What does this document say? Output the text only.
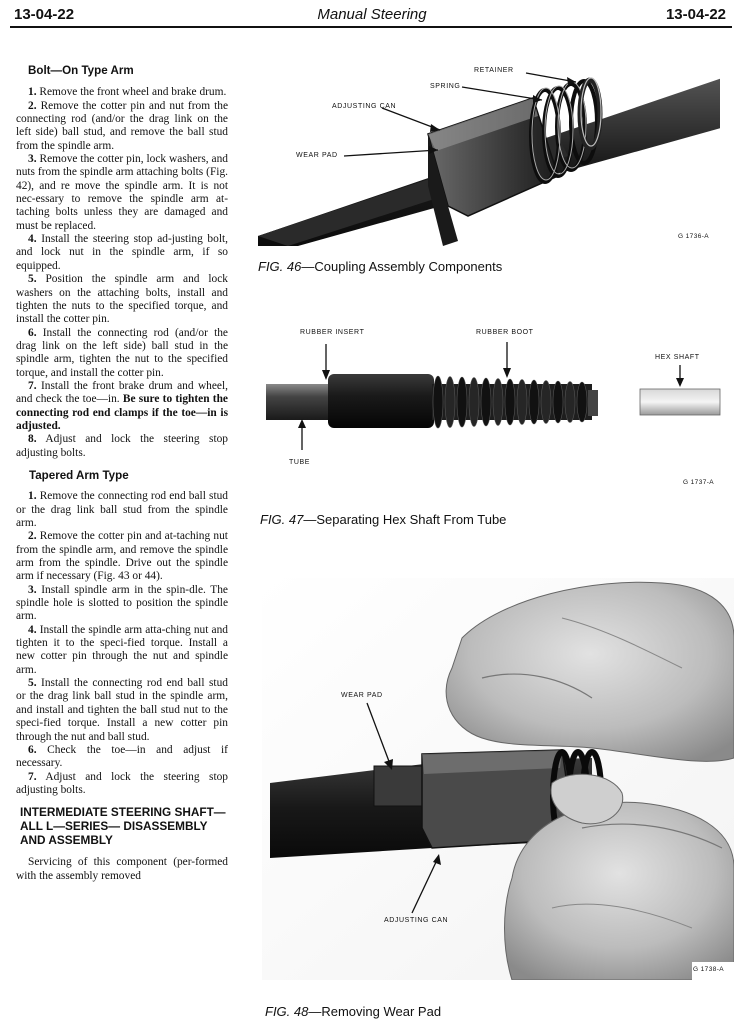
13-04-22	Manual Steering	13-04-22
Bolt—On Type Arm

1. Remove the front wheel and brake drum.

2. Remove the cotter pin and nut from the connecting rod (and/or the drag link on the left side) ball stud, and remove the ball stud from the spindle arm.

3. Remove the cotter pin, lock washers, and nuts from the spindle arm attaching bolts (Fig. 42), and re move the spindle arm. It is not nec-essary to remove the spindle arm at-taching bolts unless they are damaged and must be replaced.

4. Install the steering stop ad-justing bolt, and lock nut in the spindle arm, if so equipped.

5. Position the spindle arm and lock washers on the attaching bolts, install and tighten the nuts to the specified torque, and install the cotter pin.

6. Install the connecting rod (and/or the drag link on the left side) ball stud in the spindle arm, tighten the nut to the specified torque, and install the cotter pin.

7. Install the front brake drum and wheel, and check the toe—in. Be sure to tighten the connecting rod end clamps if the toe—in is adjusted.

8. Adjust and lock the steering stop adjusting bolts.

Tapered Arm Type

1. Remove the connecting rod end ball stud or the drag link ball stud from the spindle arm.

2. Remove the cotter pin and at-taching nut from the spindle arm, and remove the spindle arm from the spindle. Drive out the spindle arm if necessary (Fig. 43 or 44).

3. Install spindle arm in the spin-dle. The spindle hole is slotted to position the spindle arm.

4. Install the spindle arm atta-ching nut and tighten it to the speci-fied torque. Install a new cotter pin through the nut and spindle arm.

5. Install the connecting rod end ball stud or the drag link ball stud in the spindle arm, and install and tighten the ball stud nut to the speci-fied torque. Install a new cotter pin through the nut and ball stud.

6. Check the toe—in and adjust if necessary.

7. Adjust and lock the steering stop adjusting bolts.

INTERMEDIATE STEERING SHAFT—ALL L—SERIES— DISASSEMBLY AND ASSEMBLY

Servicing of this component (per-formed with the assembly removed

RETAINER
SPRING
ADJUSTING CAN
WEAR PAD
G 1736-A
FIG. 46—Coupling Assembly Components
RUBBER INSERT	RUBBER BOOT
HEX SHAFT
TUBE
G 1737-A
FIG. 47—Separating Hex Shaft From Tube
WEAR PAD
ADJUSTING CAN
G 1738-A
FIG. 48—Removing Wear Pad
